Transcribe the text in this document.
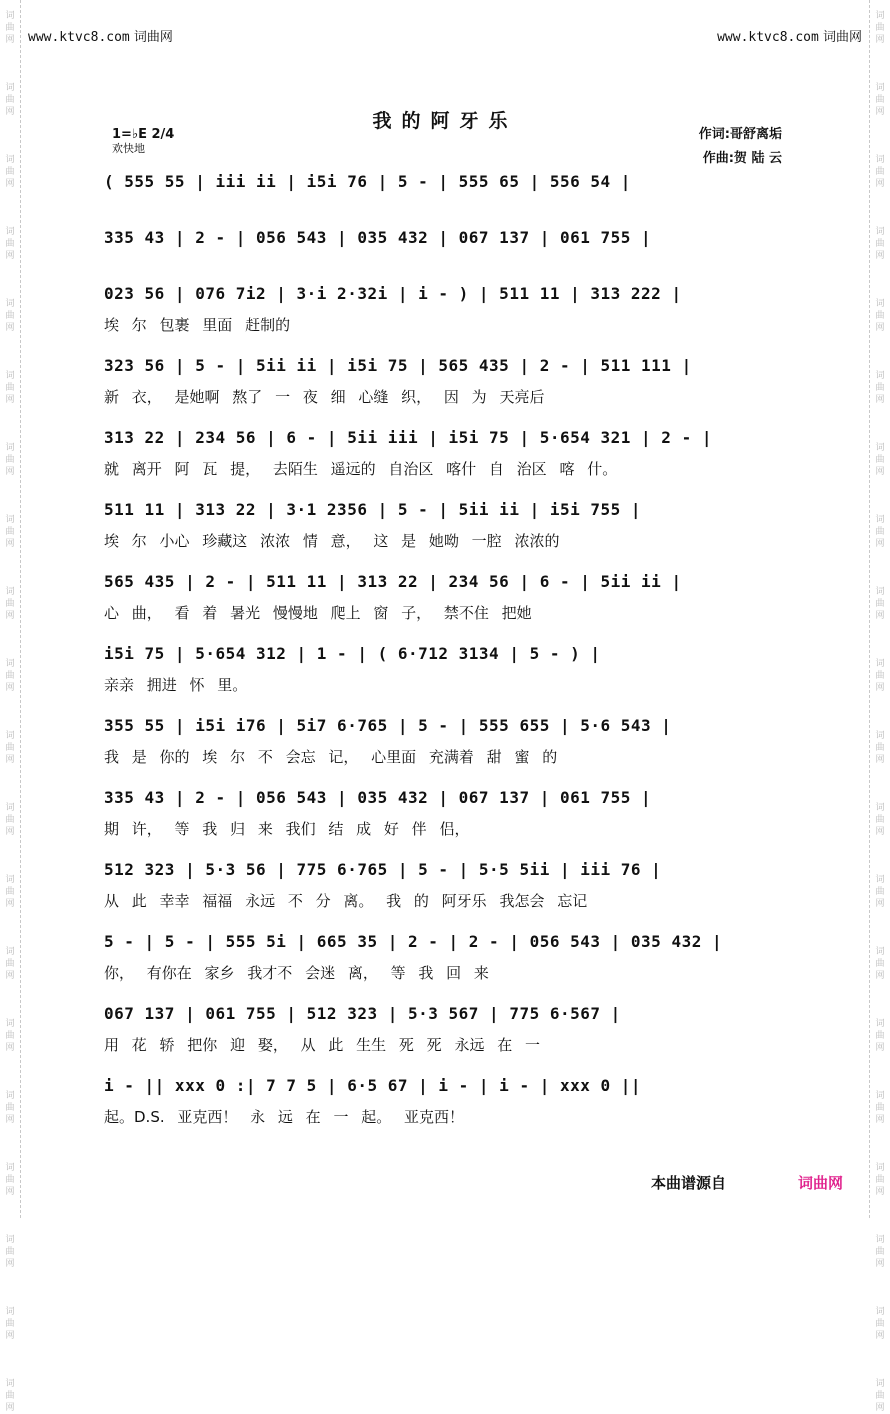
词
曲
网

词
曲
网

词
曲
网

词
曲
网

词
曲
网

词
曲
网

词
曲
网

词
曲
网

词
曲
网

词
曲
网

词
曲
网

词
曲
网

词
曲
网

词
曲
网

词
曲
网

词
曲
网

词
曲
网

词
曲
网

词
曲
网

词
曲
网
词
曲
网

词
曲
网

词
曲
网

词
曲
网

词
曲
网

词
曲
网

词
曲
网

词
曲
网

词
曲
网

词
曲
网

词
曲
网

词
曲
网

词
曲
网

词
曲
网

词
曲
网

词
曲
网

词
曲
网

词
曲
网

词
曲
网

词
曲
网
www.ktvc8.com 词曲网	www.ktvc8.com 词曲网
我的阿牙乐
作词:哥舒离垢
作曲:贺 陆 云
1=♭E 2/4
欢快地
( 555 55 | iii ii | i5i 76 | 5 - | 555 65 | 556 54 |
335 43 | 2 - | 056 543 | 035 432 | 067 137 | 061 755 |
023 56 | 076 7i2 | 3·i 2·32i | i - ) | 511 11 | 313 222 |
埃 尔 包裹 里面 赶制的
323 56 | 5 - | 5ii ii | i5i 75 | 565 435 | 2 - | 511 111 |
新 衣， 是她啊 熬了 一 夜 细 心缝 织， 因 为 天亮后
313 22 | 234 56 | 6 - | 5ii iii | i5i 75 | 5·654 321 | 2 - |
就 离开 阿 瓦 提， 去陌生 遥远的 自治区 喀什 自 治区 喀 什。
511 11 | 313 22 | 3·1 2356 | 5 - | 5ii ii | i5i 755 |
埃 尔 小心 珍藏这 浓浓 情 意， 这 是 她呦 一腔 浓浓的
565 435 | 2 - | 511 11 | 313 22 | 234 56 | 6 - | 5ii ii |
心 曲， 看 着 暑光 慢慢地 爬上 窗 子， 禁不住 把她
i5i 75 | 5·654 312 | 1 - | ( 6·712 3134 | 5 - ) |
亲亲 拥进 怀 里。
355 55 | i5i i76 | 5i7 6·765 | 5 - | 555 655 | 5·6 543 |
我 是 你的 埃 尔 不 会忘 记， 心里面 充满着 甜 蜜 的
335 43 | 2 - | 056 543 | 035 432 | 067 137 | 061 755 |
期 许， 等 我 归 来 我们 结 成 好 伴 侣，
512 323 | 5·3 56 | 775 6·765 | 5 - | 5·5 5ii | iii 76 |
从 此 幸幸 福福 永远 不 分 离。 我 的 阿牙乐 我怎会 忘记
5 - | 5 - | 555 5i | 665 35 | 2 - | 2 - | 056 543 | 035 432 |
你， 有你在 家乡 我才不 会迷 离， 等 我 回 来
067 137 | 061 755 | 512 323 | 5·3 567 | 775 6·567 |
用 花 轿 把你 迎 娶， 从 此 生生 死 死 永远 在 一
i - || xxx 0 :| 7 7 5 | 6·5 67 | i - | i - | xxx 0 ||
起。D.S. 亚克西！ 永 远 在 一 起。 亚克西！
本曲谱源自	词曲网
